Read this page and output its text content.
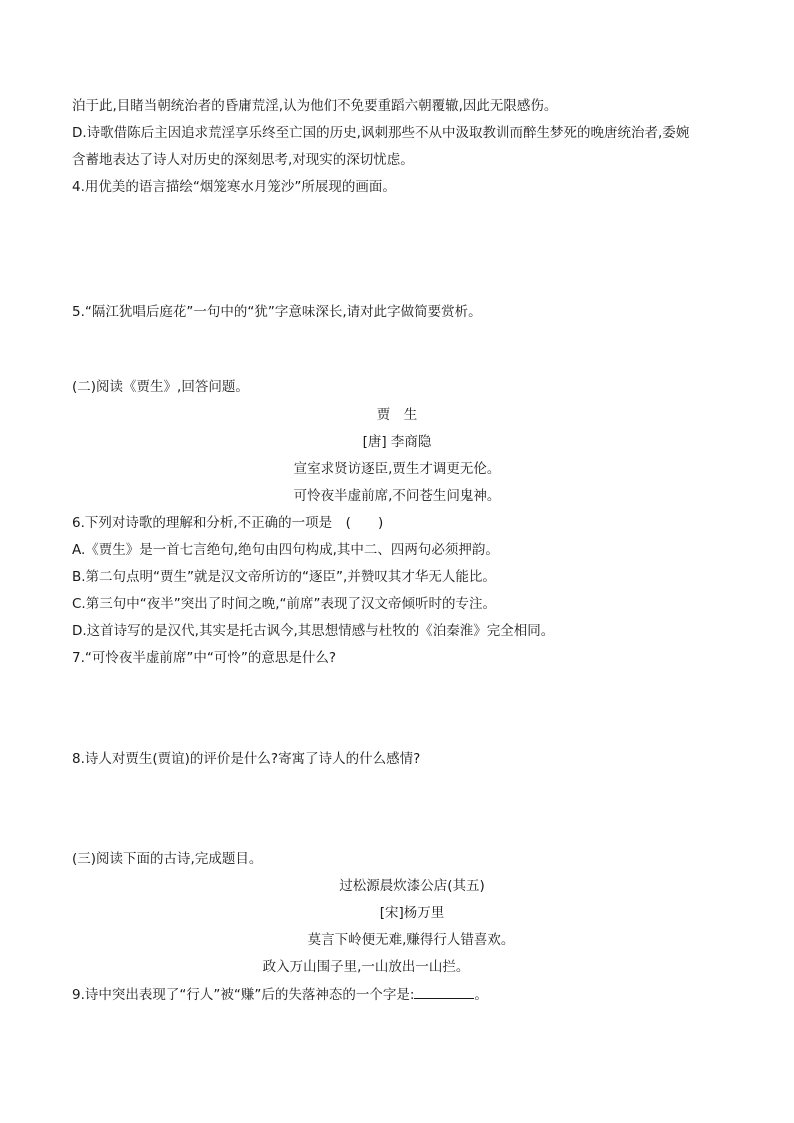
泊于此,目睹当朝统治者的昏庸荒淫,认为他们不免要重蹈六朝覆辙,因此无限感伤。
D.诗歌借陈后主因追求荒淫享乐终至亡国的历史,讽刺那些不从中汲取教训而醉生梦死的晚唐统治者,委婉
含蓄地表达了诗人对历史的深刻思考,对现实的深切忧虑。
4.用优美的语言描绘“烟笼寒水月笼沙”所展现的画面。
5.“隔江犹唱后庭花”一句中的“犹”字意味深长,请对此字做简要赏析。
(二)阅读《贾生》,回答问题。
贾　生
[唐] 李商隐
宣室求贤访逐臣,贾生才调更无伦。
可怜夜半虚前席,不问苍生问鬼神。
6.下列对诗歌的理解和分析,不正确的一项是　(　　)
A.《贾生》是一首七言绝句,绝句由四句构成,其中二、四两句必须押韵。
B.第二句点明“贾生”就是汉文帝所访的“逐臣”,并赞叹其才华无人能比。
C.第三句中“夜半”突出了时间之晚,“前席”表现了汉文帝倾听时的专注。
D.这首诗写的是汉代,其实是托古讽今,其思想情感与杜牧的《泊秦淮》完全相同。
7.“可怜夜半虚前席”中“可怜”的意思是什么?
8.诗人对贾生(贾谊)的评价是什么?寄寓了诗人的什么感情?
(三)阅读下面的古诗,完成题目。
过松源晨炊漆公店(其五)
[宋]杨万里
莫言下岭便无难,赚得行人错喜欢。
政入万山围子里,一山放出一山拦。
9.诗中突出表现了“行人”被“赚”后的失落神态的一个字是:	。
